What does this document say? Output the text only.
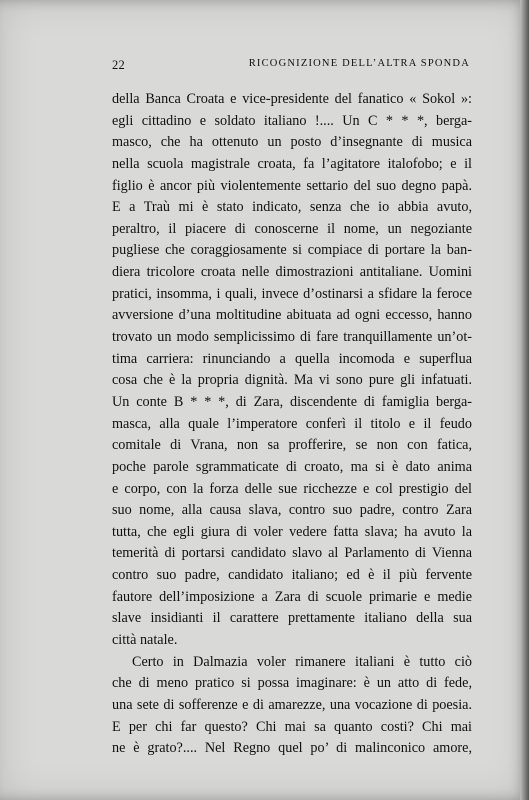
22	RICOGNIZIONE DELL’ALTRA SPONDA
della Banca Croata e vice-presidente del fanatico « Sokol »:
egli cittadino e soldato italiano !.... Un C * * *, berga-
masco, che ha ottenuto un posto d’insegnante di musica
nella scuola magistrale croata, fa l’agitatore italofobo; e il
figlio è ancor più violentemente settario del suo degno papà.
E a Traù mi è stato indicato, senza che io abbia avuto,
peraltro, il piacere di conoscerne il nome, un negoziante
pugliese che coraggiosamente si compiace di portare la ban-
diera tricolore croata nelle dimostrazioni antitaliane. Uomini
pratici, insomma, i quali, invece d’ostinarsi a sfidare la feroce
avversione d’una moltitudine abituata ad ogni eccesso, hanno
trovato un modo semplicissimo di fare tranquillamente un’ot-
tima carriera: rinunciando a quella incomoda e superflua
cosa che è la propria dignità. Ma vi sono pure gli infatuati.
Un conte B * * *, di Zara, discendente di famiglia berga-
masca, alla quale l’imperatore conferì il titolo e il feudo
comitale di Vrana, non sa profferire, se non con fatica,
poche parole sgrammaticate di croato, ma si è dato anima
e corpo, con la forza delle sue ricchezze e col prestigio del
suo nome, alla causa slava, contro suo padre, contro Zara
tutta, che egli giura di voler vedere fatta slava; ha avuto la
temerità di portarsi candidato slavo al Parlamento di Vienna
contro suo padre, candidato italiano; ed è il più fervente
fautore dell’imposizione a Zara di scuole primarie e medie
slave insidianti il carattere prettamente italiano della sua
città natale.
Certo in Dalmazia voler rimanere italiani è tutto ciò
che di meno pratico si possa imaginare: è un atto di fede,
una sete di sofferenze e di amarezze, una vocazione di poesia.
E per chi far questo? Chi mai sa quanto costi? Chi mai
ne è grato?.... Nel Regno quel po’ di malinconico amore,
